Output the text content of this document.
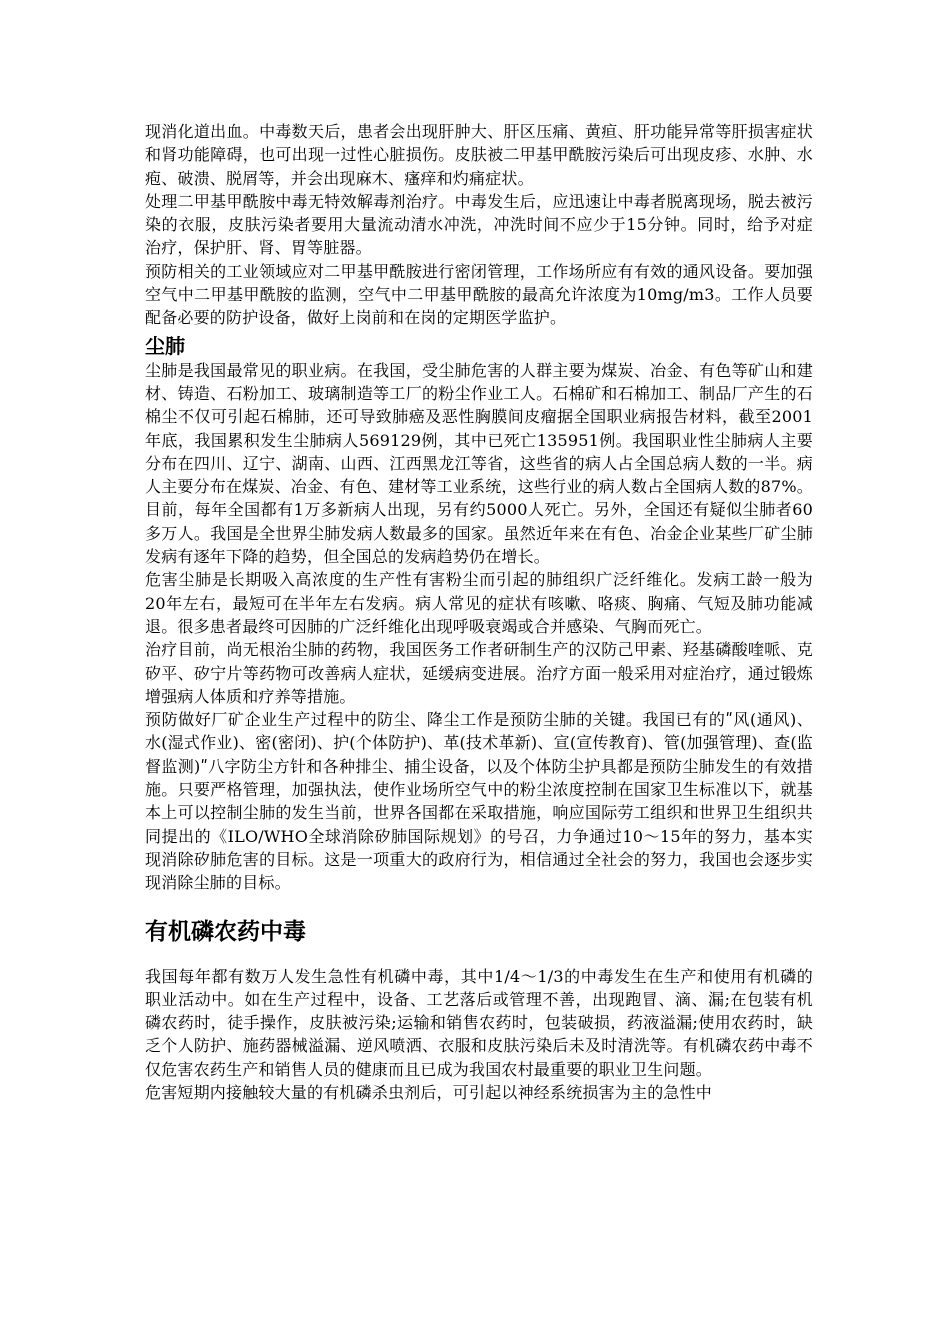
现消化道出血。中毒数天后，患者会出现肝肿大、肝区压痛、黄疸、肝功能异常等肝损害症状和肾功能障碍，也可出现一过性心脏损伤。皮肤被二甲基甲酰胺污染后可出现皮疹、水肿、水疱、破溃、脱屑等，并会出现麻木、瘙痒和灼痛症状。

处理二甲基甲酰胺中毒无特效解毒剂治疗。中毒发生后，应迅速让中毒者脱离现场，脱去被污染的衣服，皮肤污染者要用大量流动清水冲洗，冲洗时间不应少于15分钟。同时，给予对症治疗，保护肝、肾、胃等脏器。

预防相关的工业领域应对二甲基甲酰胺进行密闭管理，工作场所应有有效的通风设备。要加强空气中二甲基甲酰胺的监测，空气中二甲基甲酰胺的最高允许浓度为10mg/m3。工作人员要配备必要的防护设备，做好上岗前和在岗的定期医学监护。

尘肺

尘肺是我国最常见的职业病。在我国，受尘肺危害的人群主要为煤炭、冶金、有色等矿山和建材、铸造、石粉加工、玻璃制造等工厂的粉尘作业工人。石棉矿和石棉加工、制品厂产生的石棉尘不仅可引起石棉肺，还可导致肺癌及恶性胸膜间皮瘤据全国职业病报告材料，截至2001年底，我国累积发生尘肺病人569129例，其中已死亡135951例。我国职业性尘肺病人主要分布在四川、辽宁、湖南、山西、江西黑龙江等省，这些省的病人占全国总病人数的一半。病人主要分布在煤炭、冶金、有色、建材等工业系统，这些行业的病人数占全国病人数的87%。目前，每年全国都有1万多新病人出现，另有约5000人死亡。另外，全国还有疑似尘肺者60多万人。我国是全世界尘肺发病人数最多的国家。虽然近年来在有色、冶金企业某些厂矿尘肺发病有逐年下降的趋势，但全国总的发病趋势仍在增长。

危害尘肺是长期吸入高浓度的生产性有害粉尘而引起的肺组织广泛纤维化。发病工龄一般为20年左右，最短可在半年左右发病。病人常见的症状有咳嗽、咯痰、胸痛、气短及肺功能减退。很多患者最终可因肺的广泛纤维化出现呼吸衰竭或合并感染、气胸而死亡。

治疗目前，尚无根治尘肺的药物，我国医务工作者研制生产的汉防己甲素、羟基磷酸喹哌、克矽平、矽宁片等药物可改善病人症状，延缓病变进展。治疗方面一般采用对症治疗，通过锻炼增强病人体质和疗养等措施。

预防做好厂矿企业生产过程中的防尘、降尘工作是预防尘肺的关键。我国已有的ʺ风(通风)、水(湿式作业)、密(密闭)、护(个体防护)、革(技术革新)、宣(宣传教育)、管(加强管理)、查(监督监测)ʺ八字防尘方针和各种排尘、捕尘设备，以及个体防尘护具都是预防尘肺发生的有效措施。只要严格管理，加强执法，使作业场所空气中的粉尘浓度控制在国家卫生标准以下，就基本上可以控制尘肺的发生当前，世界各国都在采取措施，响应国际劳工组织和世界卫生组织共同提出的《ILO/WHO全球消除矽肺国际规划》的号召，力争通过10～15年的努力，基本实现消除矽肺危害的目标。这是一项重大的政府行为，相信通过全社会的努力，我国也会逐步实现消除尘肺的目标。

有机磷农药中毒

我国每年都有数万人发生急性有机磷中毒，其中1/4～1/3的中毒发生在生产和使用有机磷的职业活动中。如在生产过程中，设备、工艺落后或管理不善，出现跑冒、滴、漏;在包装有机磷农药时，徒手操作，皮肤被污染;运输和销售农药时，包装破损，药液溢漏;使用农药时，缺乏个人防护、施药器械溢漏、逆风喷洒、衣服和皮肤污染后未及时清洗等。有机磷农药中毒不仅危害农药生产和销售人员的健康而且已成为我国农村最重要的职业卫生问题。

危害短期内接触较大量的有机磷杀虫剂后，可引起以神经系统损害为主的急性中
